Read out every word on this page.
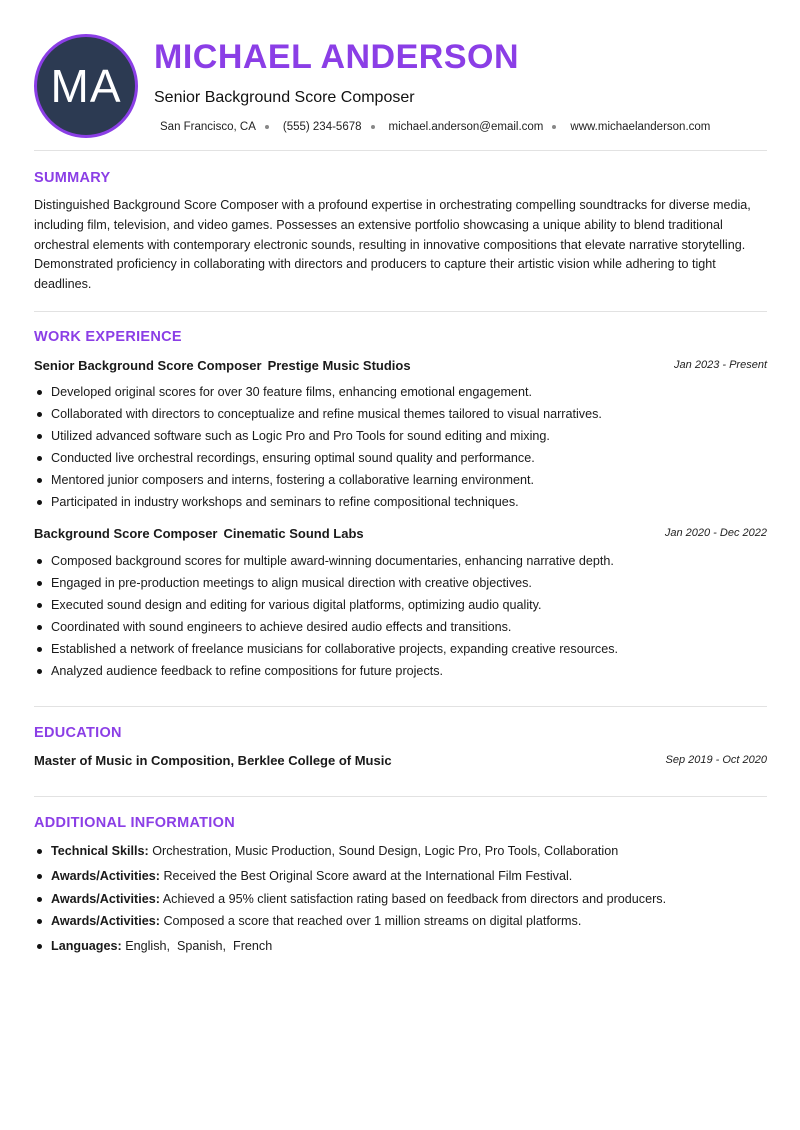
MA
MICHAEL ANDERSON
Senior Background Score Composer
San Francisco, CA (555) 234-5678 michael.anderson@email.com www.michaelanderson.com
SUMMARY

Distinguished Background Score Composer with a profound expertise in orchestrating compelling soundtracks for diverse media, including film, television, and video games. Possesses an extensive portfolio showcasing a unique ability to blend traditional orchestral elements with contemporary electronic sounds, resulting in innovative compositions that elevate narrative storytelling. Demonstrated proficiency in collaborating with directors and producers to capture their artistic vision while adhering to tight deadlines.

WORK EXPERIENCE
Senior Background Score Composer Prestige Music Studios	Jan 2023 - Present
Developed original scores for over 30 feature films, enhancing emotional engagement.
Collaborated with directors to conceptualize and refine musical themes tailored to visual narratives.
Utilized advanced software such as Logic Pro and Pro Tools for sound editing and mixing.
Conducted live orchestral recordings, ensuring optimal sound quality and performance.
Mentored junior composers and interns, fostering a collaborative learning environment.
Participated in industry workshops and seminars to refine compositional techniques.
Background Score Composer Cinematic Sound Labs	Jan 2020 - Dec 2022
Composed background scores for multiple award-winning documentaries, enhancing narrative depth.
Engaged in pre-production meetings to align musical direction with creative objectives.
Executed sound design and editing for various digital platforms, optimizing audio quality.
Coordinated with sound engineers to achieve desired audio effects and transitions.
Established a network of freelance musicians for collaborative projects, expanding creative resources.
Analyzed audience feedback to refine compositions for future projects.
EDUCATION
Master of Music in Composition, Berklee College of Music	Sep 2019 - Oct 2020
ADDITIONAL INFORMATION
Technical Skills: Orchestration, Music Production, Sound Design, Logic Pro, Pro Tools, Collaboration
Awards/Activities: Received the Best Original Score award at the International Film Festival.
Awards/Activities: Achieved a 95% client satisfaction rating based on feedback from directors and producers.
Awards/Activities: Composed a score that reached over 1 million streams on digital platforms.
Languages: English,  Spanish,  French
